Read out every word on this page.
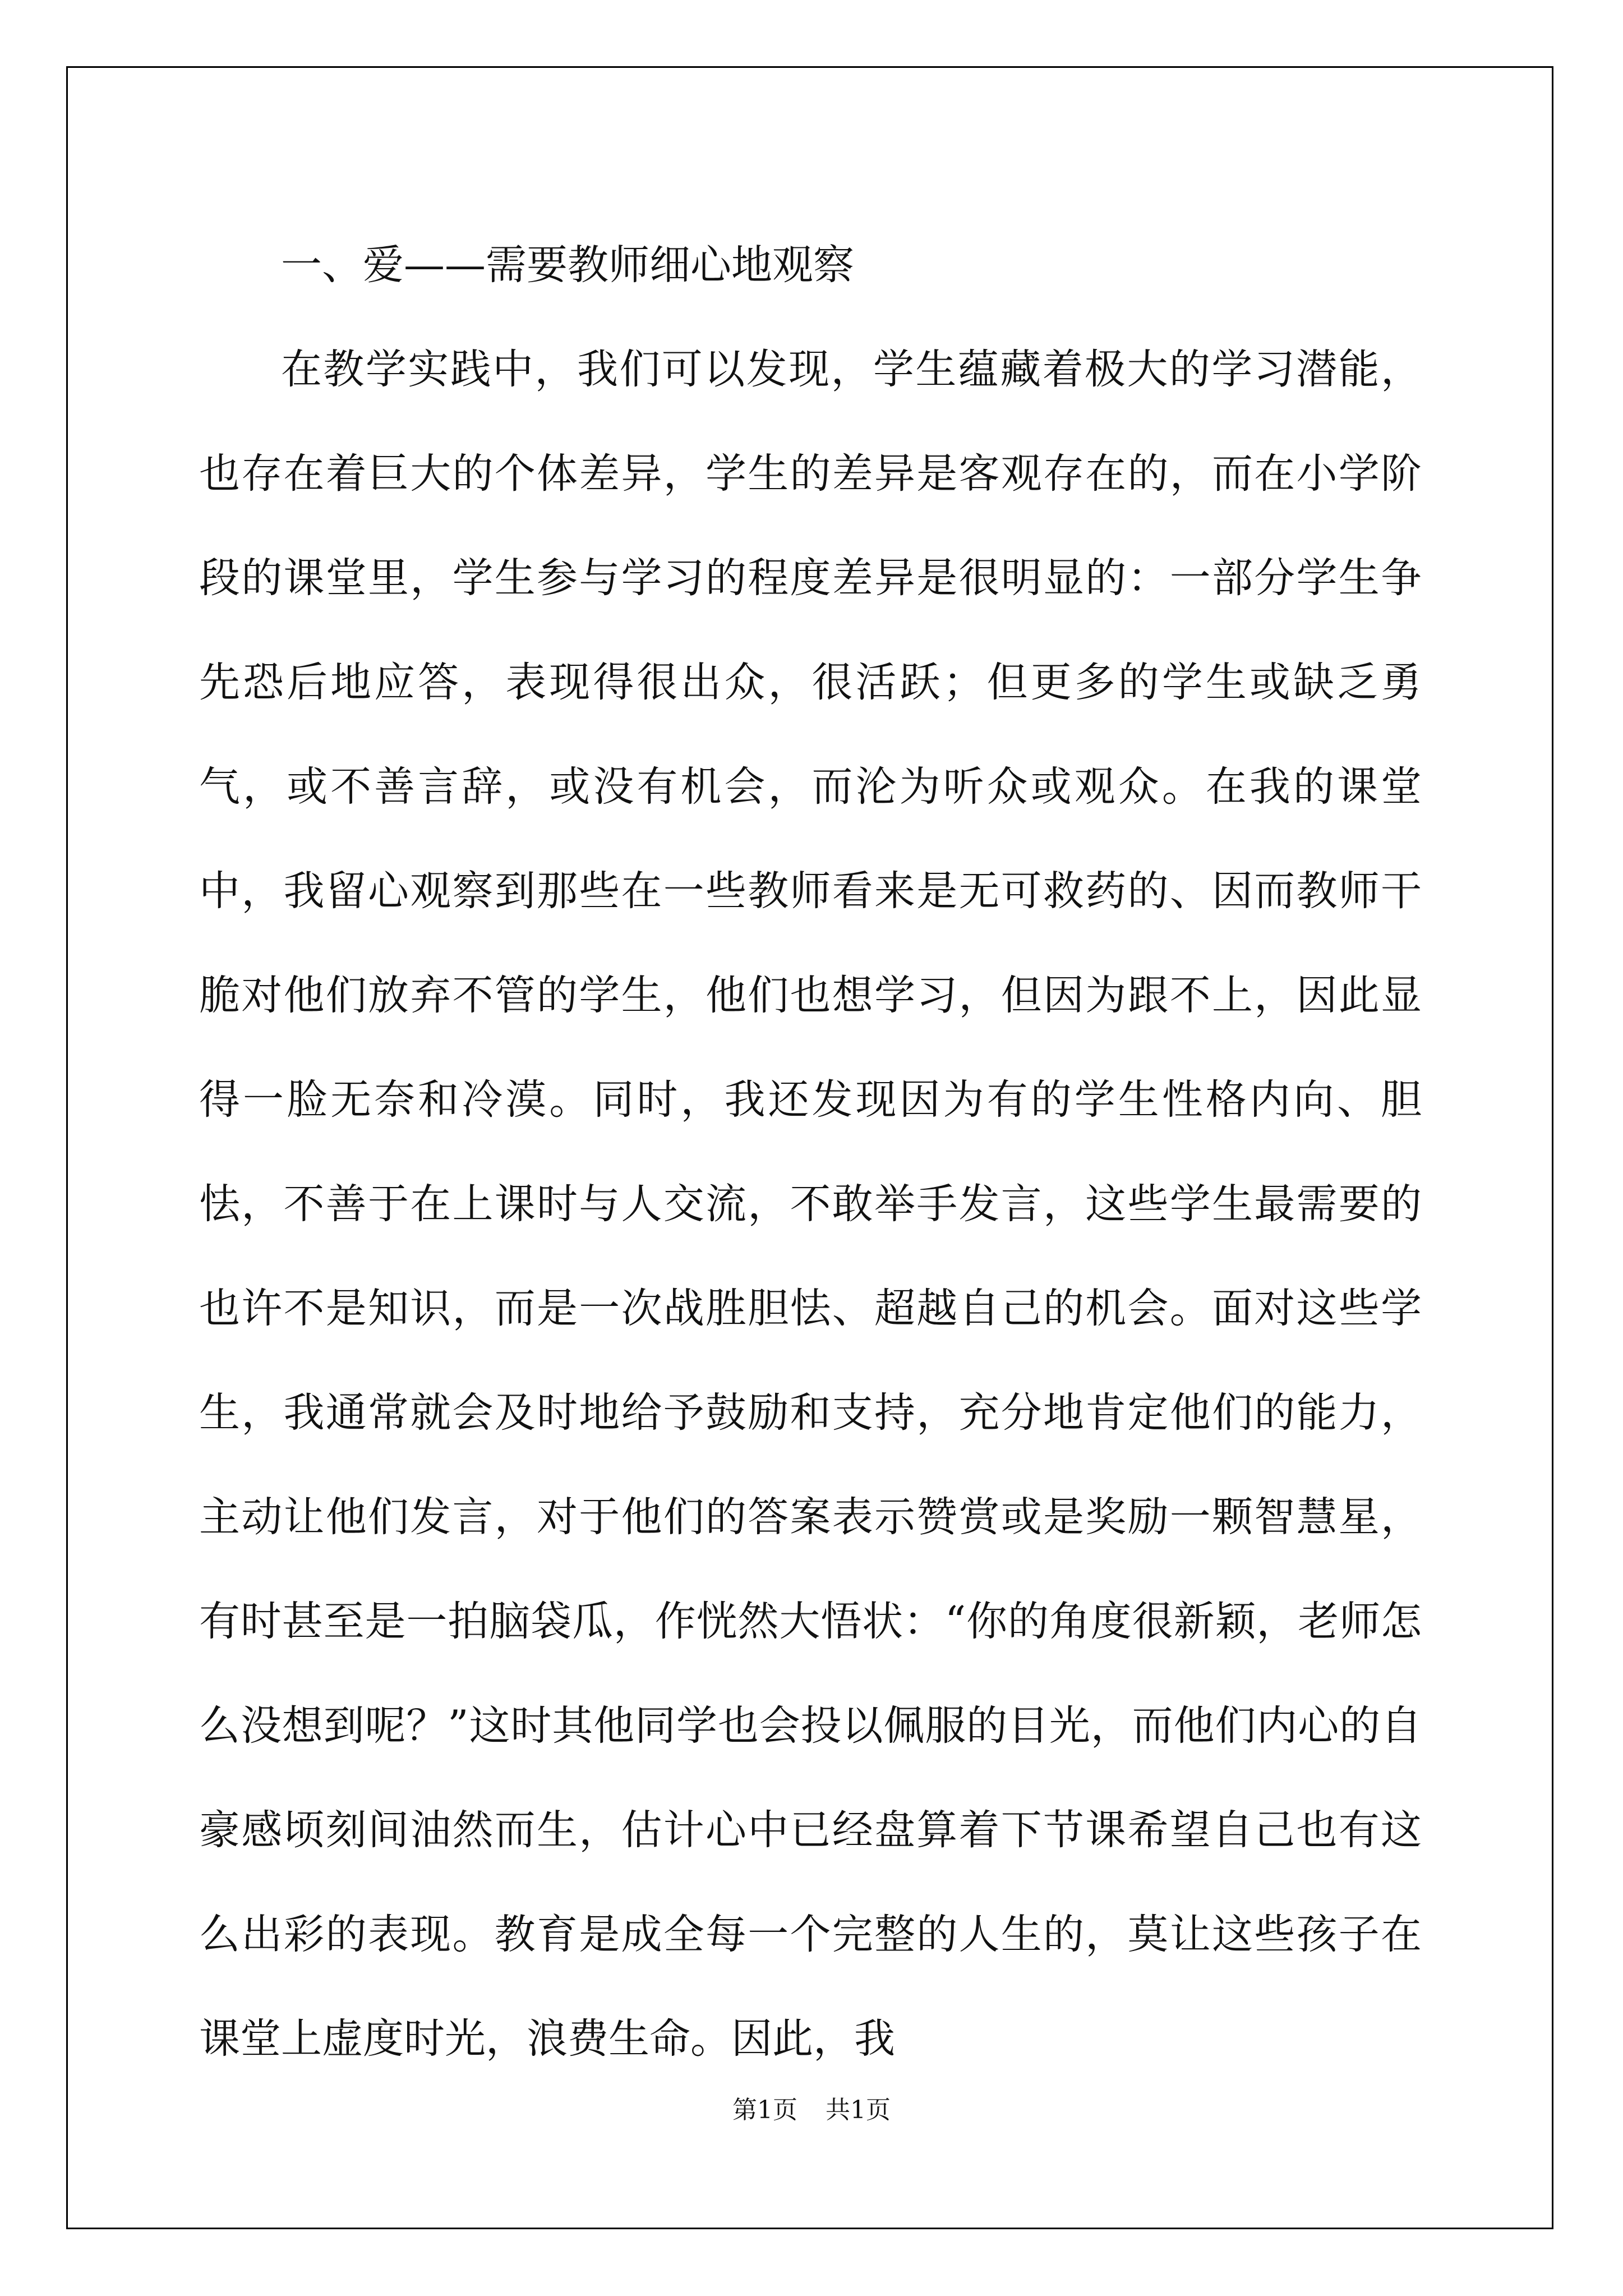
一、爱——需要教师细心地观察

在教学实践中，我们可以发现，学生蕴藏着极大的学习潜能，也存在着巨大的个体差异，学生的差异是客观存在的，而在小学阶段的课堂里，学生参与学习的程度差异是很明显的：一部分学生争先恐后地应答，表现得很出众，很活跃；但更多的学生或缺乏勇气，或不善言辞，或没有机会，而沦为听众或观众。在我的课堂中，我留心观察到那些在一些教师看来是无可救药的、因而教师干脆对他们放弃不管的学生，他们也想学习，但因为跟不上，因此显得一脸无奈和冷漠。同时，我还发现因为有的学生性格内向、胆怯，不善于在上课时与人交流，不敢举手发言，这些学生最需要的也许不是知识，而是一次战胜胆怯、超越自己的机会。面对这些学生，我通常就会及时地给予鼓励和支持，充分地肯定他们的能力，主动让他们发言，对于他们的答案表示赞赏或是奖励一颗智慧星，有时甚至是一拍脑袋瓜，作恍然大悟状：“你的角度很新颖，老师怎么没想到呢？”这时其他同学也会投以佩服的目光，而他们内心的自豪感顷刻间油然而生，估计心中已经盘算着下节课希望自己也有这么出彩的表现。教育是成全每一个完整的人生的，莫让这些孩子在课堂上虚度时光，浪费生命。因此，我

第1页 共1页
